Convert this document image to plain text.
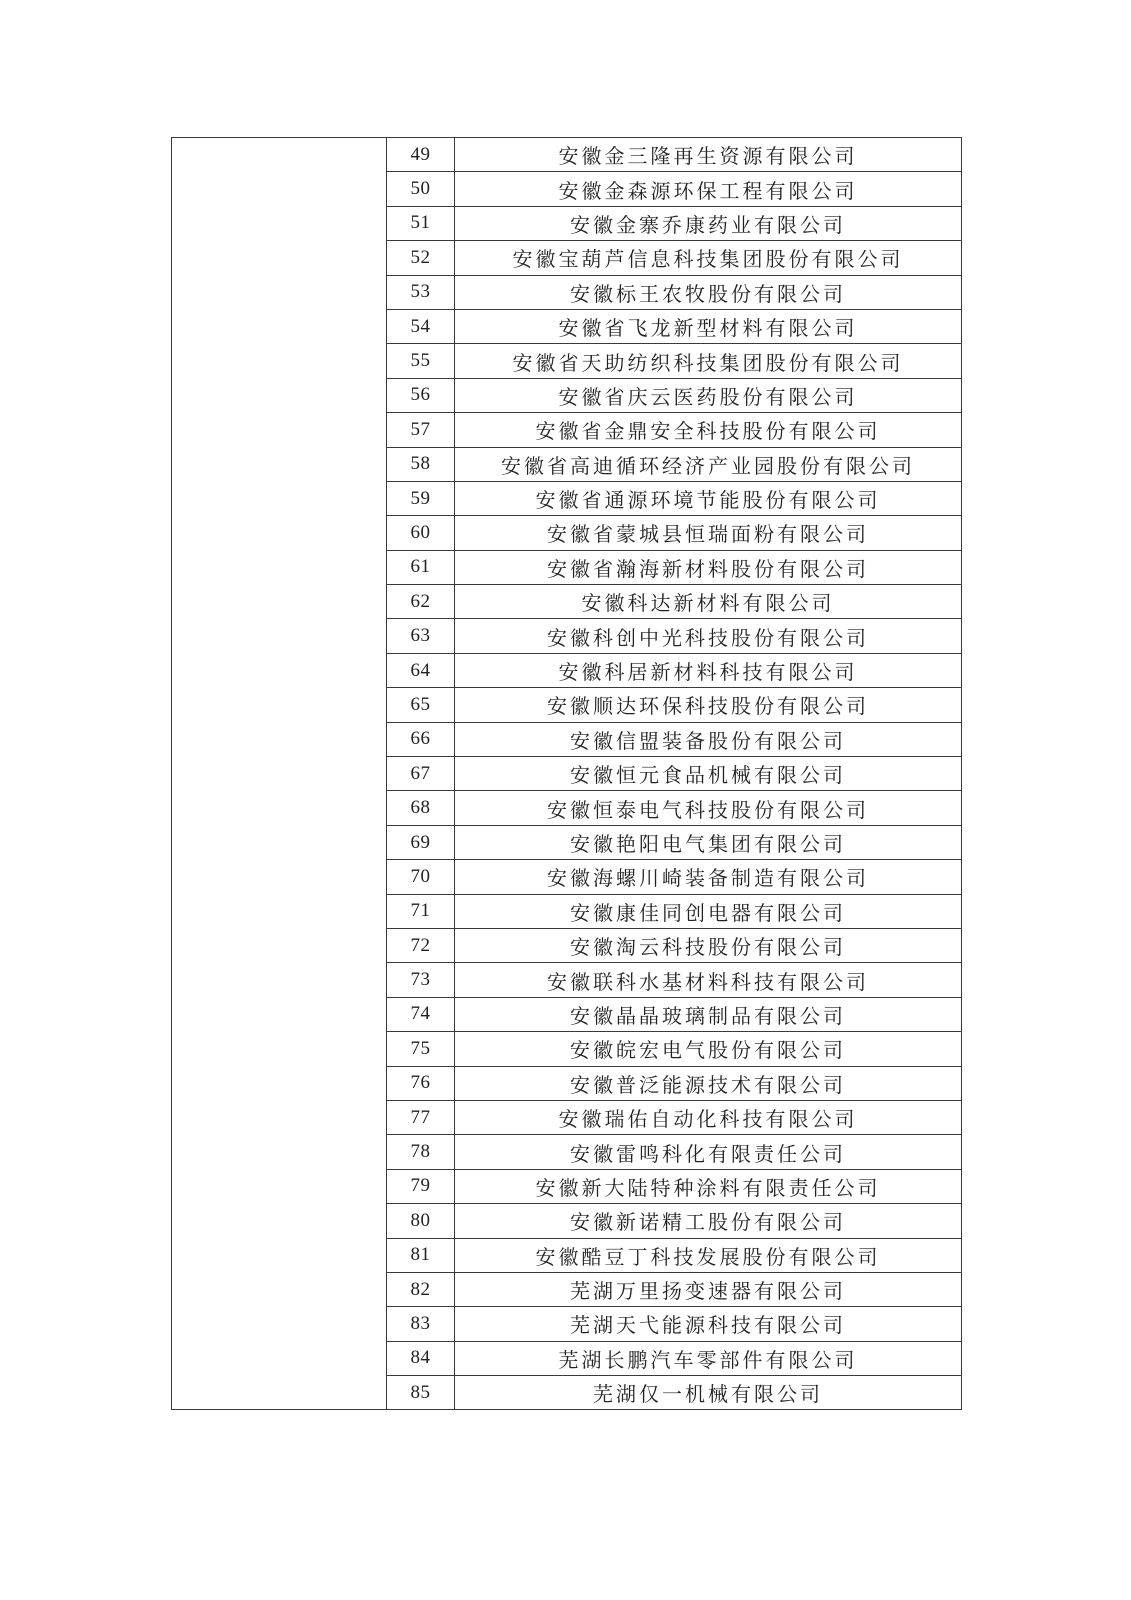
	49	安徽金三隆再生资源有限公司
	50	安徽金森源环保工程有限公司
	51	安徽金寨乔康药业有限公司
	52	安徽宝葫芦信息科技集团股份有限公司
	53	安徽标王农牧股份有限公司
	54	安徽省飞龙新型材料有限公司
	55	安徽省天助纺织科技集团股份有限公司
	56	安徽省庆云医药股份有限公司
	57	安徽省金鼎安全科技股份有限公司
	58	安徽省高迪循环经济产业园股份有限公司
	59	安徽省通源环境节能股份有限公司
	60	安徽省蒙城县恒瑞面粉有限公司
	61	安徽省瀚海新材料股份有限公司
	62	安徽科达新材料有限公司
	63	安徽科创中光科技股份有限公司
	64	安徽科居新材料科技有限公司
	65	安徽顺达环保科技股份有限公司
	66	安徽信盟装备股份有限公司
	67	安徽恒元食品机械有限公司
	68	安徽恒泰电气科技股份有限公司
	69	安徽艳阳电气集团有限公司
	70	安徽海螺川崎装备制造有限公司
	71	安徽康佳同创电器有限公司
	72	安徽淘云科技股份有限公司
	73	安徽联科水基材料科技有限公司
	74	安徽晶晶玻璃制品有限公司
	75	安徽皖宏电气股份有限公司
	76	安徽普泛能源技术有限公司
	77	安徽瑞佑自动化科技有限公司
	78	安徽雷鸣科化有限责任公司
	79	安徽新大陆特种涂料有限责任公司
	80	安徽新诺精工股份有限公司
	81	安徽酷豆丁科技发展股份有限公司
	82	芜湖万里扬变速器有限公司
	83	芜湖天弋能源科技有限公司
	84	芜湖长鹏汽车零部件有限公司
	85	芜湖仅一机械有限公司
